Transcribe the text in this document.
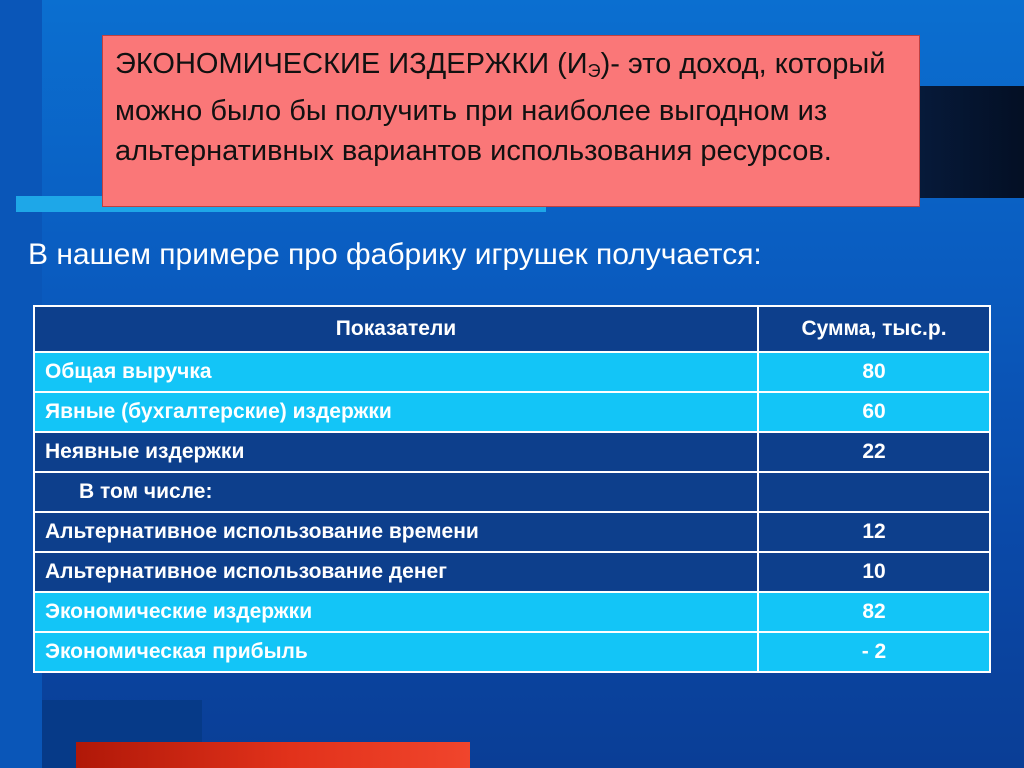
ЭКОНОМИЧЕСКИЕ ИЗДЕРЖКИ $(И_Э)-$ это доход, который можно было бы получить при наиболее выгодном из альтернативных вариантов использования ресурсов.
В нашем примере про фабрику игрушек получается:
Показатели	Сумма, тыс.р.
Общая выручка	80
Явные (бухгалтерские) издержки	60
Неявные издержки	22
В том числе:	
Альтернативное использование времени	12
Альтернативное использование денег	10
Экономические издержки	82
Экономическая прибыль	- 2
